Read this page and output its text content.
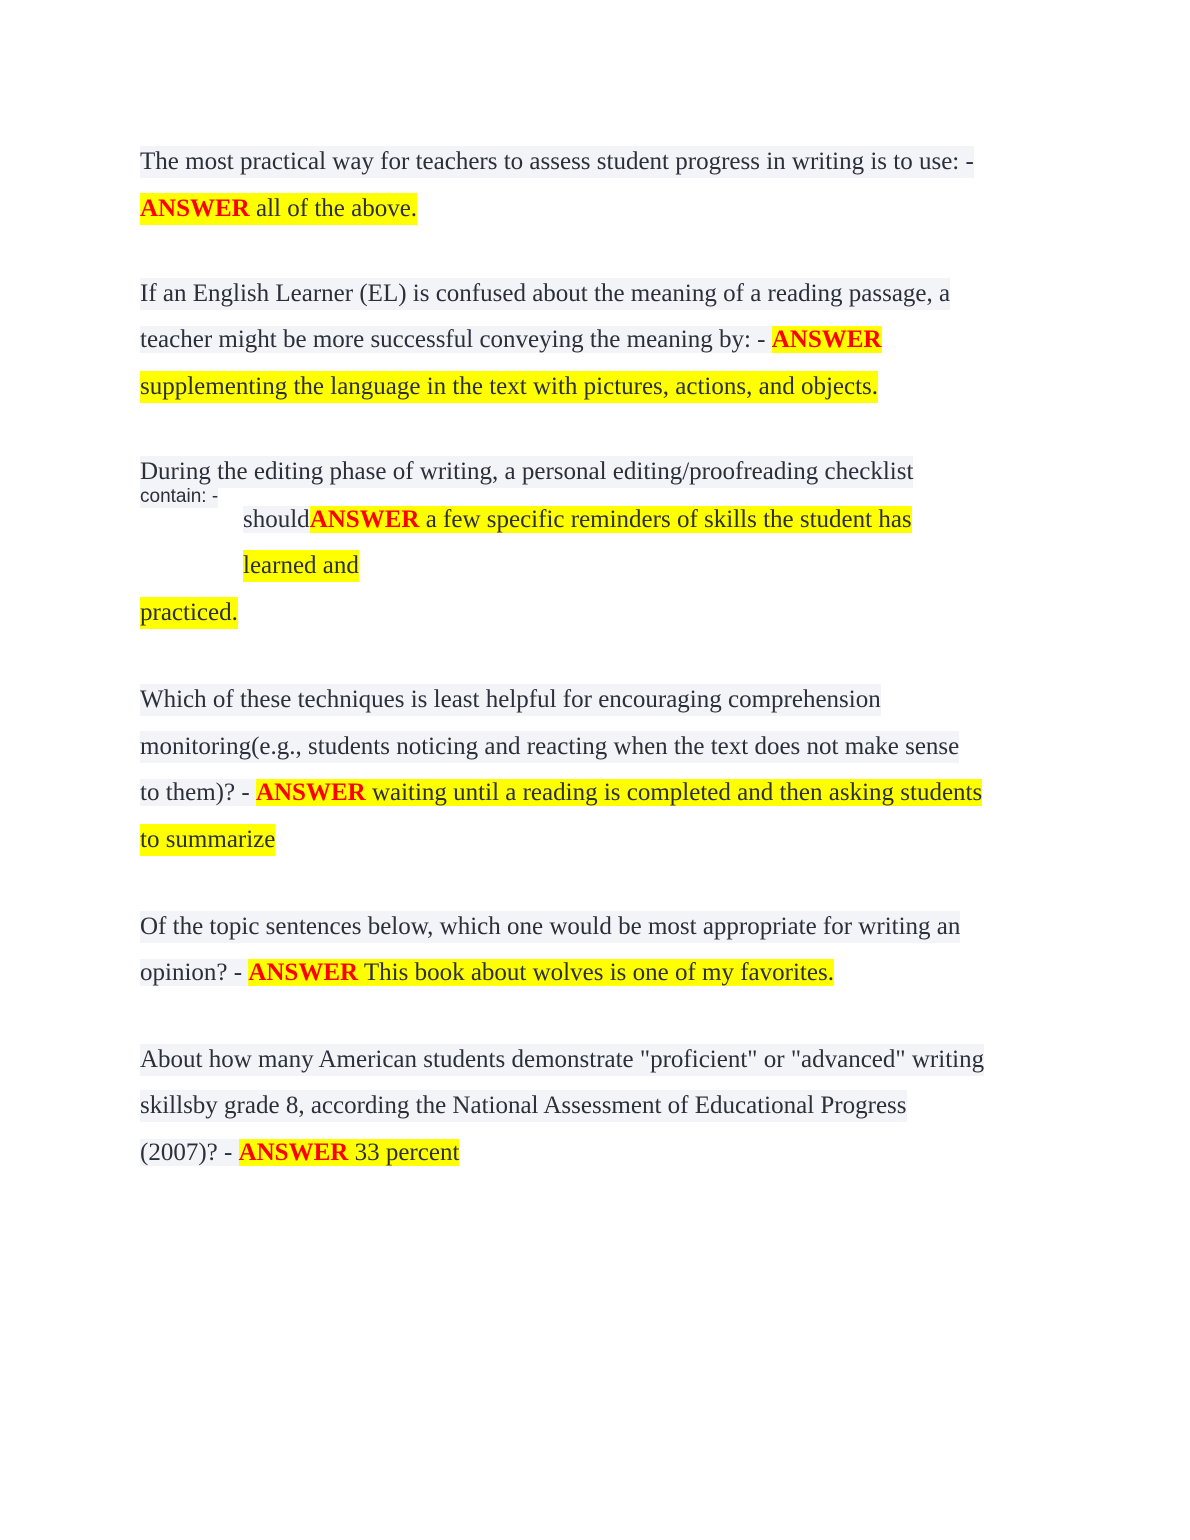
The most practical way for teachers to assess student progress in writing is to use: -
ANSWER all of the above.
If an English Learner (EL) is confused about the meaning of a reading passage, a
teacher might be more successful conveying the meaning by: - ANSWER
supplementing the language in the text with pictures, actions, and objects.
During the editing phase of writing, a personal editing/proofreading checklist
contain: -
shouldANSWER a few specific reminders of skills the student has
learned and
practiced.
Which of these techniques is least helpful for encouraging comprehension
monitoring(e.g., students noticing and reacting when the text does not make sense
to them)? - ANSWER waiting until a reading is completed and then asking students
to summarize
Of the topic sentences below, which one would be most appropriate for writing an
opinion? - ANSWER This book about wolves is one of my favorites.
About how many American students demonstrate "proficient" or "advanced" writing
skillsby grade 8, according the National Assessment of Educational Progress
(2007)? - ANSWER 33 percent
